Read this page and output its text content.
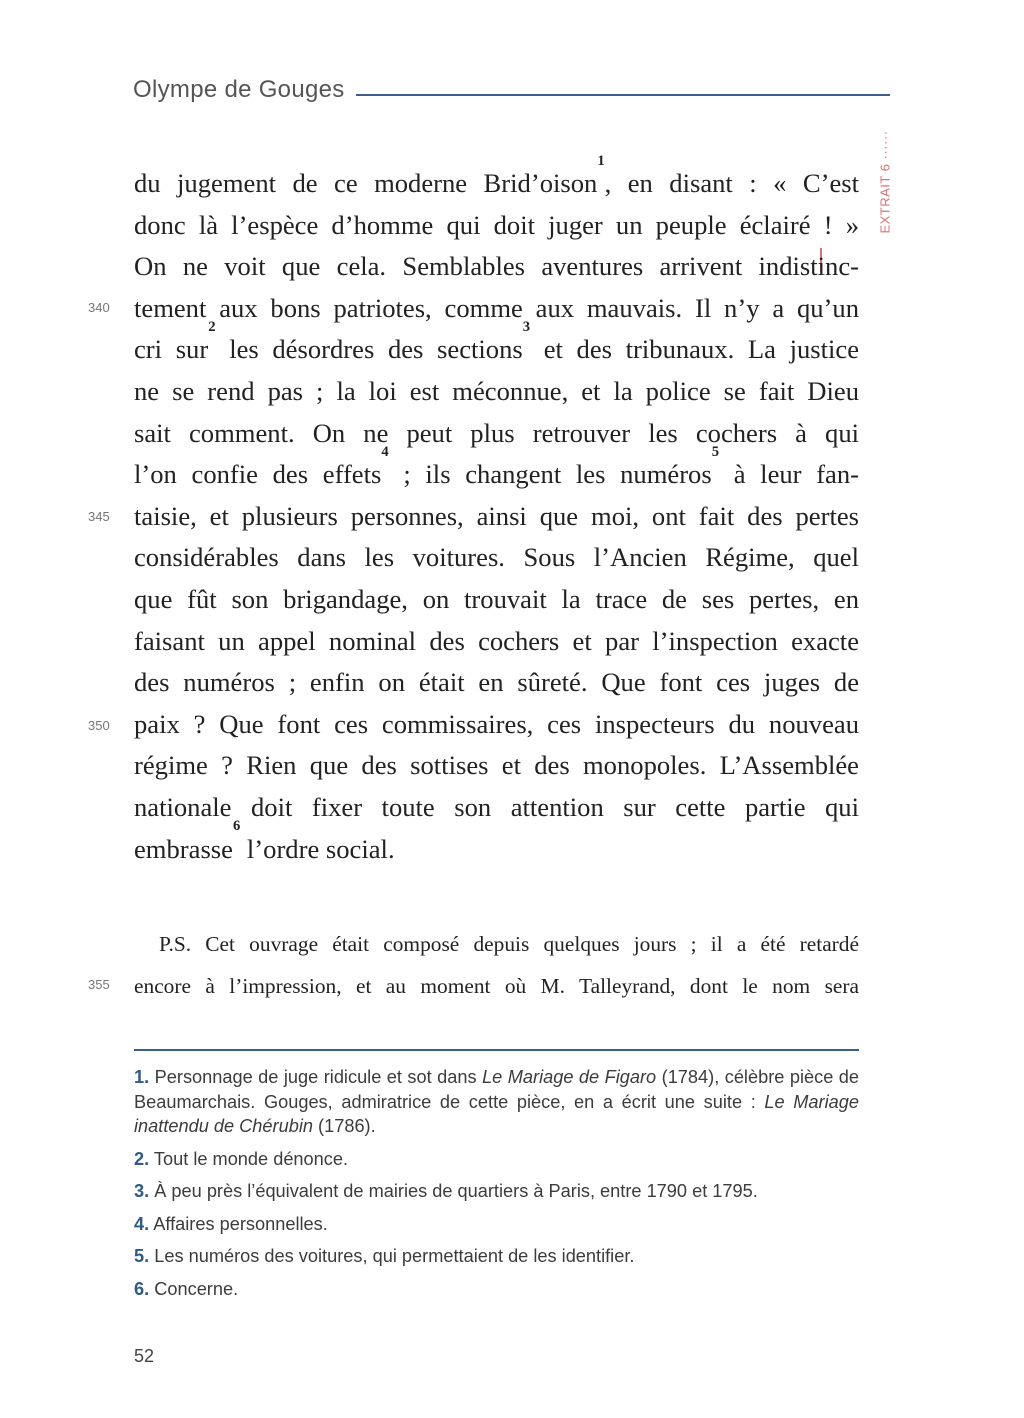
Olympe de Gouges
EXTRAIT 6 ······
du jugement de ce moderne Brid’oison$^1$, en disant : « C’est
donc là l’espèce d’homme qui doit juger un peuple éclairé ! »
On ne voit que cela. Semblables aventures arrivent indistinc-
tement aux bons patriotes, comme aux mauvais. Il n’y a qu’un
cri sur$^2$ les désordres des sections$^3$ et des tribunaux. La justice
ne se rend pas ; la loi est méconnue, et la police se fait Dieu
sait comment. On ne peut plus retrouver les cochers à qui
l’on confie des effets$^4$ ; ils changent les numéros$^5$ à leur fan-
taisie, et plusieurs personnes, ainsi que moi, ont fait des pertes
considérables dans les voitures. Sous l’Ancien Régime, quel
que fût son brigandage, on trouvait la trace de ses pertes, en
faisant un appel nominal des cochers et par l’inspection exacte
des numéros ; enfin on était en sûreté. Que font ces juges de
paix ? Que font ces commissaires, ces inspecteurs du nouveau
régime ? Rien que des sottises et des monopoles. L’Assemblée
nationale doit fixer toute son attention sur cette partie qui
embrasse$^6$ l’ordre social.
P.S. Cet ouvrage était composé depuis quelques jours ; il a été retardé
encore à l’impression, et au moment où M. Talleyrand, dont le nom sera
340
345
350
355
1. Personnage de juge ridicule et sot dans Le Mariage de Figaro (1784), célèbre pièce de Beaumarchais. Gouges, admiratrice de cette pièce, en a écrit une suite : Le Mariage inattendu de Chérubin (1786).
2. Tout le monde dénonce.
3. À peu près l’équivalent de mairies de quartiers à Paris, entre 1790 et 1795.
4. Affaires personnelles.
5. Les numéros des voitures, qui permettaient de les identifier.
6. Concerne.
52
